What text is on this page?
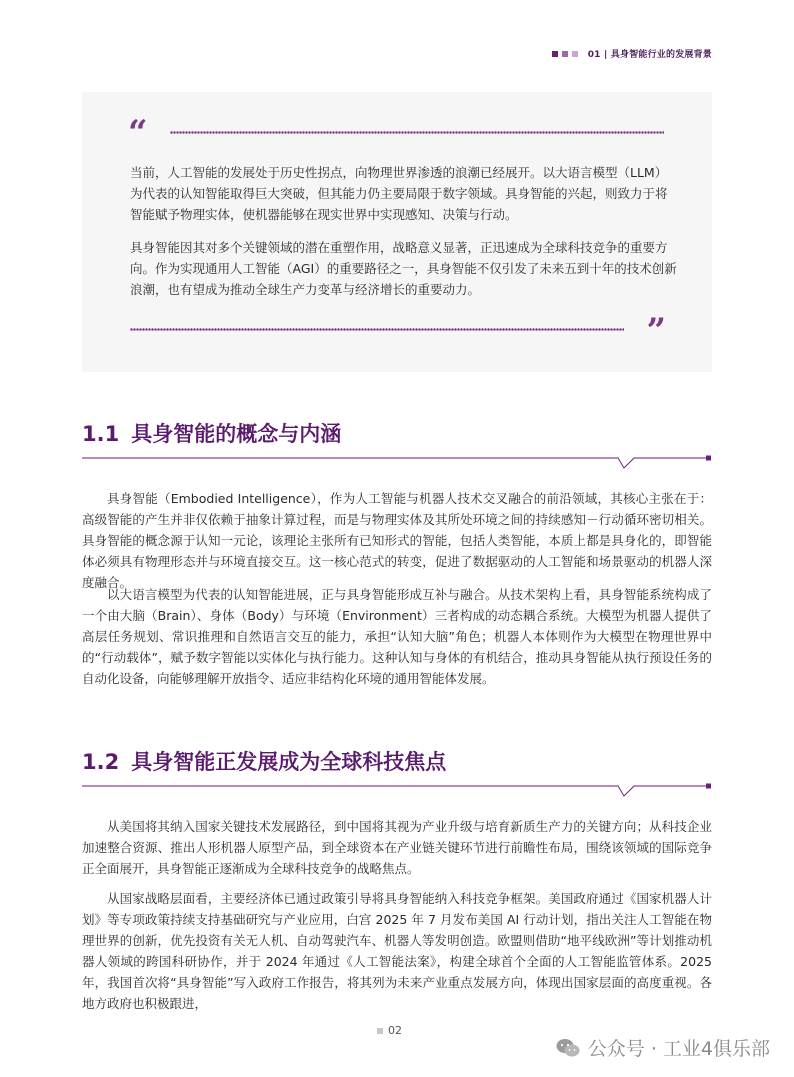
01 | 具身智能行业的发展背景
“

当前，人工智能的发展处于历史性拐点，向物理世界渗透的浪潮已经展开。以大语言模型（LLM）为代表的认知智能取得巨大突破，但其能力仍主要局限于数字领域。具身智能的兴起，则致力于将智能赋予物理实体，使机器能够在现实世界中实现感知、决策与行动。

具身智能因其对多个关键领域的潜在重塑作用，战略意义显著，正迅速成为全球科技竞争的重要方向。作为实现通用人工智能（AGI）的重要路径之一，具身智能不仅引发了未来五到十年的技术创新浪潮，也有望成为推动全球生产力变革与经济增长的重要动力。

”
1.1 具身智能的概念与内涵

具身智能（Embodied Intelligence），作为人工智能与机器人技术交叉融合的前沿领域，其核心主张在于：高级智能的产生并非仅依赖于抽象计算过程，而是与物理实体及其所处环境之间的持续感知－行动循环密切相关。具身智能的概念源于认知一元论，该理论主张所有已知形式的智能，包括人类智能，本质上都是具身化的，即智能体必须具有物理形态并与环境直接交互。这一核心范式的转变，促进了数据驱动的人工智能和场景驱动的机器人深度融合。

以大语言模型为代表的认知智能进展，正与具身智能形成互补与融合。从技术架构上看，具身智能系统构成了一个由大脑（Brain）、身体（Body）与环境（Environment）三者构成的动态耦合系统。大模型为机器人提供了高层任务规划、常识推理和自然语言交互的能力，承担“认知大脑”角色；机器人本体则作为大模型在物理世界中的“行动载体”，赋予数字智能以实体化与执行能力。这种认知与身体的有机结合，推动具身智能从执行预设任务的自动化设备，向能够理解开放指令、适应非结构化环境的通用智能体发展。

1.2 具身智能正发展成为全球科技焦点

从美国将其纳入国家关键技术发展路径，到中国将其视为产业升级与培育新质生产力的关键方向；从科技企业加速整合资源、推出人形机器人原型产品，到全球资本在产业链关键环节进行前瞻性布局，围绕该领域的国际竞争正全面展开，具身智能正逐渐成为全球科技竞争的战略焦点。

从国家战略层面看，主要经济体已通过政策引导将具身智能纳入科技竞争框架。美国政府通过《国家机器人计划》等专项政策持续支持基础研究与产业应用，白宫 2025 年 7 月发布美国 AI 行动计划，指出关注人工智能在物理世界的创新，优先投资有关无人机、自动驾驶汽车、机器人等发明创造。欧盟则借助“地平线欧洲”等计划推动机器人领域的跨国科研协作，并于 2024 年通过《人工智能法案》，构建全球首个全面的人工智能监管体系。2025 年，我国首次将“具身智能”写入政府工作报告，将其列为未来产业重点发展方向，体现出国家层面的高度重视。各地方政府也积极跟进，

02
公众号 · 工业4俱乐部
